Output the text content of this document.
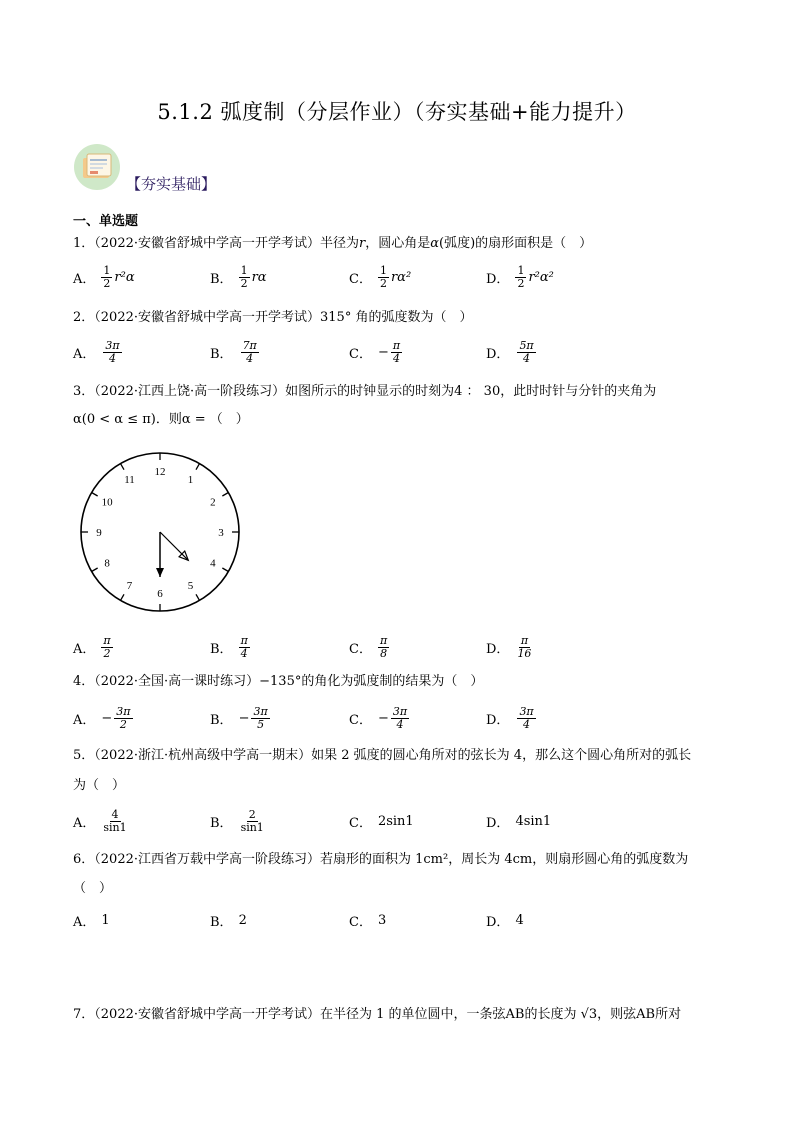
5.1.2 弧度制（分层作业）（夯实基础+能力提升）
【夯实基础】
一、单选题
1．（2022·安徽省舒城中学高一开学考试）半径为r，圆心角是α(弧度)的扇形面积是（　）
A． $\frac{1}{2} r^2\alpha$	B． $\frac{1}{2}$ rα	C． $\frac{1}{2} r\alpha^2$	D． $\frac{1}{2} r^2\alpha^2$
2．（2022·安徽省舒城中学高一开学考试）315° 角的弧度数为（　）
A． $\frac{3\pi}{4}$	B． $\frac{7\pi}{4}$	C． − $\frac{\pi}{4}$	D． $\frac{5\pi}{4}$
3．（2022·江西上饶·高一阶段练习）如图所示的时钟显示的时刻为4 ： 30，此时时针与分针的夹角为
α(0 < α ≤ π)．则α = （　）
12
1
2
3
4
5
6
7
8
9
10
11
A． $\frac{\pi}{2}$	B． $\frac{\pi}{4}$	C． $\frac{\pi}{8}$	D． $\frac{\pi}{16}$
4．（2022·全国·高一课时练习）−135°的角化为弧度制的结果为（　）
A． − $\frac{3\pi}{2}$	B． − $\frac{3\pi}{5}$	C． − $\frac{3\pi}{4}$	D． $\frac{3\pi}{4}$
5．（2022·浙江·杭州高级中学高一期末）如果 2 弧度的圆心角所对的弦长为 4，那么这个圆心角所对的弧长
为（　）
A． $\frac{4}{\sin 1}$	B． $\frac{2}{\sin 1}$	C． 2sin1	D． 4sin1
6．（2022·江西省万载中学高一阶段练习）若扇形的面积为 1cm²，周长为 4cm，则扇形圆心角的弧度数为
（　）
A． 1	B． 2	C． 3	D． 4
7．（2022·安徽省舒城中学高一开学考试）在半径为 1 的单位圆中，一条弦AB的长度为 √3，则弦AB所对
